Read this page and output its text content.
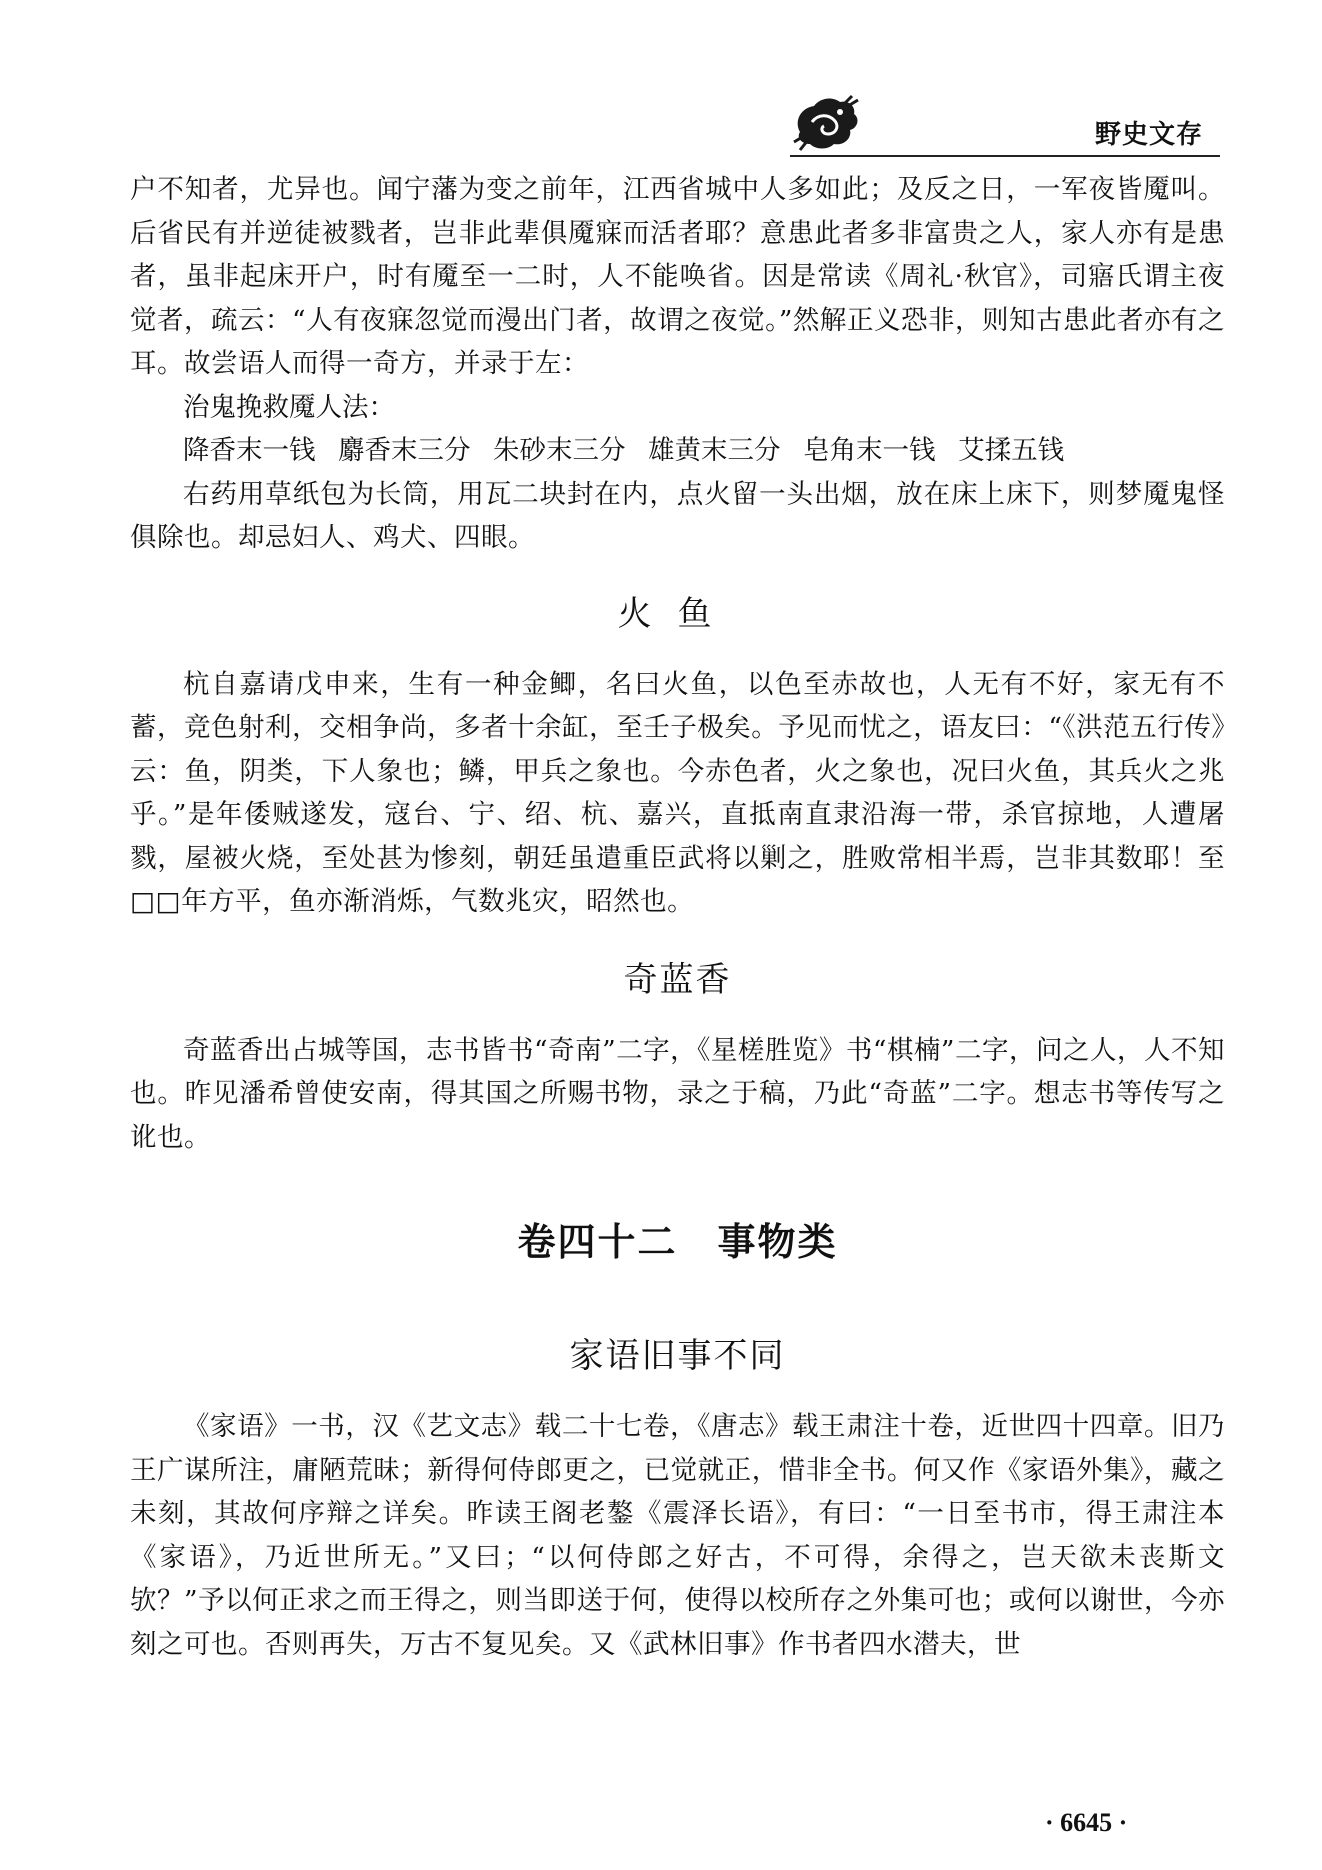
野史文存

户不知者，尤异也。闻宁藩为变之前年，江西省城中人多如此；及反之日，一军夜皆魇叫。后省民有并逆徒被戮者，岂非此辈俱魇寐而活者耶？意患此者多非富贵之人，家人亦有是患者，虽非起床开户，时有魇至一二时，人不能唤省。因是常读《周礼·秋官》，司寤氏谓主夜觉者，疏云：“人有夜寐忽觉而漫出门者，故谓之夜觉。”然解正义恐非，则知古患此者亦有之耳。故尝语人而得一奇方，并录于左：

治鬼挽救魇人法：

降香末一钱 麝香末三分 朱砂末三分 雄黄末三分 皂角末一钱 艾揉五钱

右药用草纸包为长筒，用瓦二块封在内，点火留一头出烟，放在床上床下，则梦魇鬼怪俱除也。却忌妇人、鸡犬、四眼。

火鱼

杭自嘉请戊申来，生有一种金鲫，名曰火鱼，以色至赤故也，人无有不好，家无有不蓄，竞色射利，交相争尚，多者十余缸，至壬子极矣。予见而忧之，语友曰：“《洪范五行传》云：鱼，阴类，下人象也；鳞，甲兵之象也。今赤色者，火之象也，况曰火鱼，其兵火之兆乎。”是年倭贼遂发，寇台、宁、绍、杭、嘉兴，直抵南直隶沿海一带，杀官掠地，人遭屠戮，屋被火烧，至处甚为惨刻，朝廷虽遣重臣武将以剿之，胜败常相半焉，岂非其数耶！至□□年方平，鱼亦渐消烁，气数兆灾，昭然也。

奇蓝香

奇蓝香出占城等国，志书皆书“奇南”二字，《星槎胜览》书“棋楠”二字，问之人，人不知也。昨见潘希曾使安南，得其国之所赐书物，录之于稿，乃此“奇蓝”二字。想志书等传写之讹也。

卷四十二　事物类
家语旧事不同

《家语》一书，汉《艺文志》载二十七卷，《唐志》载王肃注十卷，近世四十四章。旧乃王广谋所注，庸陋荒昧；新得何侍郎更之，已觉就正，惜非全书。何又作《家语外集》，藏之未刻，其故何序辩之详矣。昨读王阁老鏊《震泽长语》，有曰：“一日至书市，得王肃注本《家语》，乃近世所无。”又曰；“以何侍郎之好古，不可得，余得之，岂天欲未丧斯文欤？”予以何正求之而王得之，则当即送于何，使得以校所存之外集可也；或何以谢世，今亦刻之可也。否则再失，万古不复见矣。又《武林旧事》作书者四水潜夫，世

· 6645 ·
